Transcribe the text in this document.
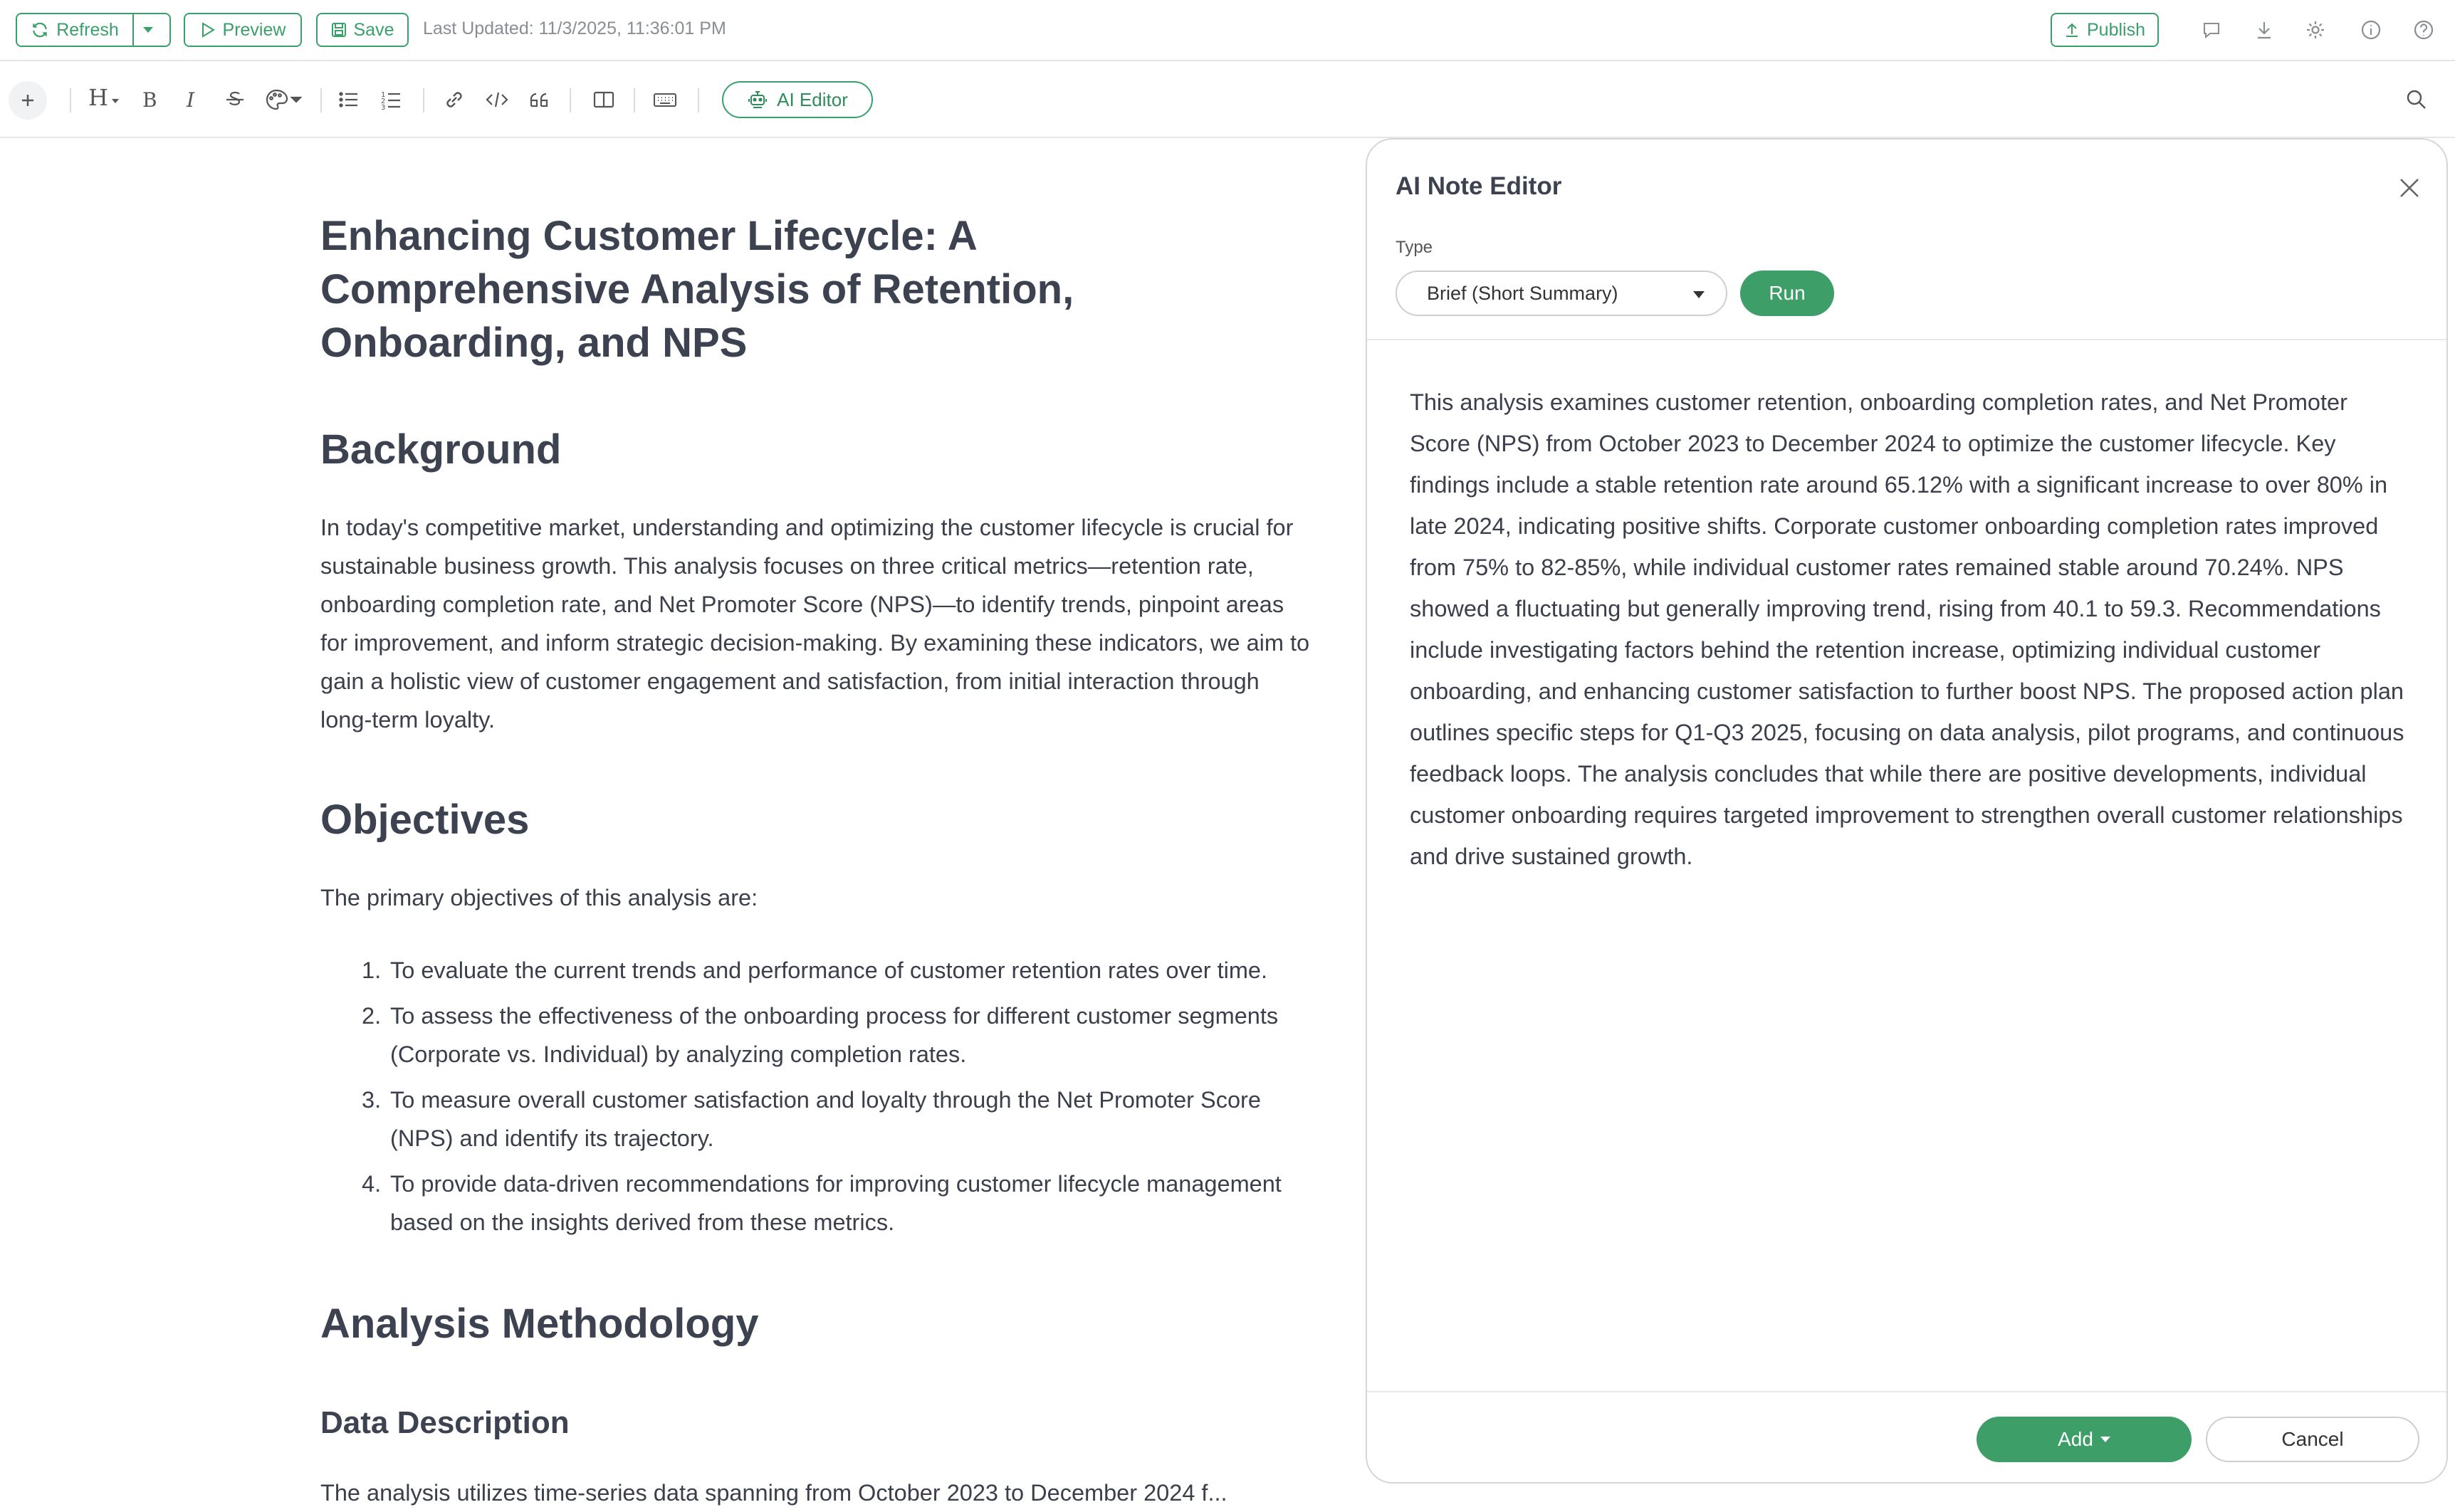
Refresh	Preview	Save Last Updated: 11/3/2025, 11:36:01 PM	Publish
H	B I	1
2
3	AI Editor
Enhancing Customer Lifecycle: A Comprehensive Analysis of Retention, Onboarding, and NPS
Background

In today's competitive market, understanding and optimizing the customer lifecycle is crucial for sustainable business growth. This analysis focuses on three critical metrics—retention rate, onboarding completion rate, and Net Promoter Score (NPS)—to identify trends, pinpoint areas for improvement, and inform strategic decision-making. By examining these indicators, we aim to gain a holistic view of customer engagement and satisfaction, from initial interaction through long-term loyalty.

Objectives

The primary objectives of this analysis are:

1. To evaluate the current trends and performance of customer retention rates over time.
2. To assess the effectiveness of the onboarding process for different customer segments (Corporate vs. Individual) by analyzing completion rates.
3. To measure overall customer satisfaction and loyalty through the Net Promoter Score (NPS) and identify its trajectory.
4. To provide data-driven recommendations for improving customer lifecycle management based on the insights derived from these metrics.
Analysis Methodology
Data Description

The analysis utilizes time-series data spanning from October 2023 to December 2024 f...

AI Note Editor
Type
Brief (Short Summary)	Run

This analysis examines customer retention, onboarding completion rates, and Net Promoter Score (NPS) from October 2023 to December 2024 to optimize the customer lifecycle. Key findings include a stable retention rate around 65.12% with a significant increase to over 80% in late 2024, indicating positive shifts. Corporate customer onboarding completion rates improved from 75% to 82-85%, while individual customer rates remained stable around 70.24%. NPS showed a fluctuating but generally improving trend, rising from 40.1 to 59.3. Recommendations include investigating factors behind the retention increase, optimizing individual customer onboarding, and enhancing customer satisfaction to further boost NPS. The proposed action plan outlines specific steps for Q1-Q3 2025, focusing on data analysis, pilot programs, and continuous feedback loops. The analysis concludes that while there are positive developments, individual customer onboarding requires targeted improvement to strengthen overall customer relationships and drive sustained growth.

Add	Cancel
